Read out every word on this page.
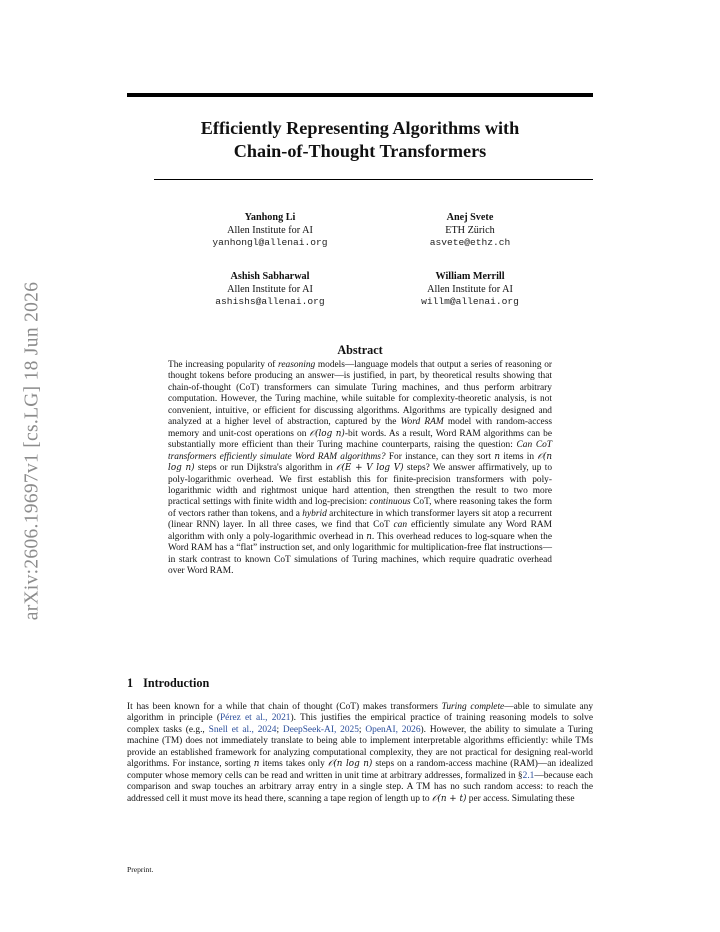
arXiv:2606.19697v1 [cs.LG] 18 Jun 2026
Efficiently Representing Algorithms with
Chain-of-Thought Transformers
Yanhong Li
Allen Institute for AI
yanhongl@allenai.org
Anej Svete
ETH Zürich
asvete@ethz.ch
Ashish Sabharwal
Allen Institute for AI
ashishs@allenai.org
William Merrill
Allen Institute for AI
willm@allenai.org
Abstract
The increasing popularity of reasoning models—language models that output a series of reasoning or thought tokens before producing an answer—is justified, in part, by theoretical results showing that chain-of-thought (CoT) transformers can simulate Turing machines, and thus perform arbitrary computation. However, the Turing machine, while suitable for complexity-theoretic analysis, is not convenient, intuitive, or efficient for discussing algorithms. Algorithms are typically designed and analyzed at a higher level of abstraction, captured by the Word RAM model with random-access memory and unit-cost operations on 𝒪(log n)-bit words. As a result, Word RAM algorithms can be substantially more efficient than their Turing machine counterparts, raising the question: Can CoT transformers efficiently simulate Word RAM algorithms? For instance, can they sort n items in 𝒪(n log n) steps or run Dijkstra's algorithm in 𝒪(E + V log V) steps? We answer affirmatively, up to poly-logarithmic overhead. We first establish this for finite-precision transformers with poly-logarithmic width and rightmost unique hard attention, then strengthen the result to two more practical settings with finite width and log-precision: continuous CoT, where reasoning takes the form of vectors rather than tokens, and a hybrid architecture in which transformer layers sit atop a recurrent (linear RNN) layer. In all three cases, we find that CoT can efficiently simulate any Word RAM algorithm with only a poly-logarithmic overhead in n. This overhead reduces to log-square when the Word RAM has a “flat” instruction set, and only logarithmic for multiplication-free flat instructions—in stark contrast to known CoT simulations of Turing machines, which require quadratic overhead over Word RAM.
1 Introduction
It has been known for a while that chain of thought (CoT) makes transformers Turing complete—able to simulate any algorithm in principle (Pérez et al., 2021). This justifies the empirical practice of training reasoning models to solve complex tasks (e.g., Snell et al., 2024; DeepSeek-AI, 2025; OpenAI, 2026). However, the ability to simulate a Turing machine (TM) does not immediately translate to being able to implement interpretable algorithms efficiently: while TMs provide an established framework for analyzing computational complexity, they are not practical for designing real-world algorithms. For instance, sorting n items takes only 𝒪(n log n) steps on a random-access machine (RAM)—an idealized computer whose memory cells can be read and written in unit time at arbitrary addresses, formalized in §2.1—because each comparison and swap touches an arbitrary array entry in a single step. A TM has no such random access: to reach the addressed cell it must move its head there, scanning a tape region of length up to 𝒪(n + t) per access. Simulating these
Preprint.
